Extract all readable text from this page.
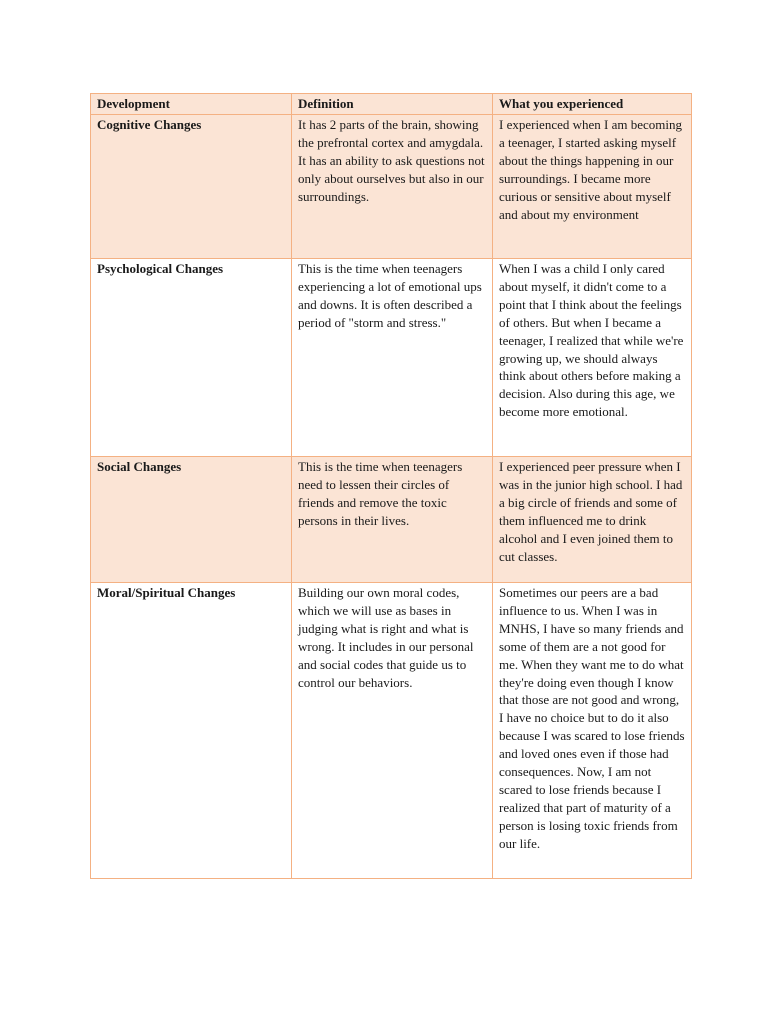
Development	Definition	What you experienced
Cognitive Changes	It has 2 parts of the brain, showing the prefrontal cortex and amygdala. It has an ability to ask questions not only about ourselves but also in our surroundings.	I experienced when I am becoming a teenager, I started asking myself about the things happening in our surroundings. I became more curious or sensitive about myself and about my environment
Psychological Changes	This is the time when teenagers experiencing a lot of emotional ups and downs. It is often described a period of "storm and stress."	When I was a child I only cared about myself, it didn't come to a point that I think about the feelings of others. But when I became a teenager, I realized that while we're growing up, we should always think about others before making a decision. Also during this age, we become more emotional.
Social Changes	This is the time when teenagers need to lessen their circles of friends and remove the toxic persons in their lives.	I experienced peer pressure when I was in the junior high school. I had a big circle of friends and some of them influenced me to drink alcohol and I even joined them to cut classes.
Moral/Spiritual Changes	Building our own moral codes, which we will use as bases in judging what is right and what is wrong. It includes in our personal and social codes that guide us to control our behaviors.	Sometimes our peers are a bad influence to us. When I was in MNHS, I have so many friends and some of them are a not good for me. When they want me to do what they're doing even though I know that those are not good and wrong, I have no choice but to do it also because I was scared to lose friends and loved ones even if those had consequences. Now, I am not scared to lose friends because I realized that part of maturity of a person is losing toxic friends from our life.
